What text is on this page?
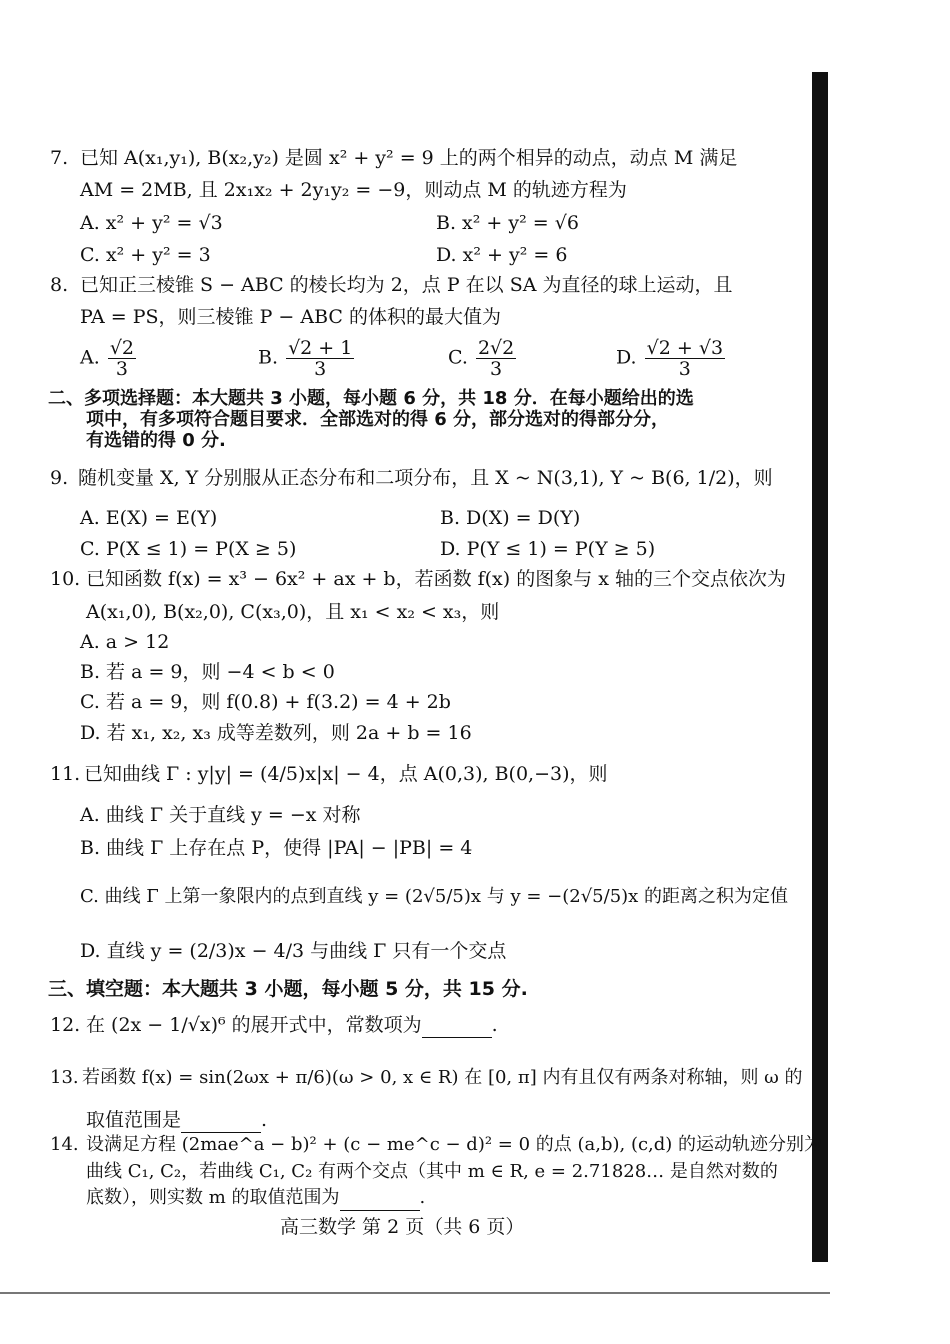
7. 已知 A(x₁,y₁), B(x₂,y₂) 是圆 x² + y² = 9 上的两个相异的动点，动点 M 满足
AM = 2MB, 且 2x₁x₂ + 2y₁y₂ = −9，则动点 M 的轨迹方程为
A. x² + y² = √3	B. x² + y² = √6
C. x² + y² = 3	D. x² + y² = 6
8. 已知正三棱锥 S − ABC 的棱长均为 2，点 P 在以 SA 为直径的球上运动，且
PA = PS，则三棱锥 P − ABC 的体积的最大值为
A. $\frac{√2}{3}$	B. $\frac{√2 + 1}{3}$	C. $\frac{2√2}{3}$	D. $\frac{√2 + √3}{3}$
二、多项选择题：本大题共 3 小题，每小题 6 分，共 18 分．在每小题给出的选
项中，有多项符合题目要求．全部选对的得 6 分，部分选对的得部分分，
有选错的得 0 分.
9. 随机变量 X, Y 分别服从正态分布和二项分布，且 X ~ N(3,1), Y ~ B(6, 1/2)，则
A. E(X) = E(Y)	B. D(X) = D(Y)
C. P(X ≤ 1) = P(X ≥ 5)	D. P(Y ≤ 1) = P(Y ≥ 5)
10. 已知函数 f(x) = x³ − 6x² + ax + b，若函数 f(x) 的图象与 x 轴的三个交点依次为
A(x₁,0), B(x₂,0), C(x₃,0)，且 x₁ < x₂ < x₃，则
A. a > 12
B. 若 a = 9，则 −4 < b < 0
C. 若 a = 9，则 f(0.8) + f(3.2) = 4 + 2b
D. 若 x₁, x₂, x₃ 成等差数列，则 2a + b = 16
11. 已知曲线 Γ : y|y| = (4/5)x|x| − 4，点 A(0,3), B(0,−3)，则
A. 曲线 Γ 关于直线 y = −x 对称
B. 曲线 Γ 上存在点 P，使得 |PA| − |PB| = 4
C. 曲线 Γ 上第一象限内的点到直线 y = (2√5/5)x 与 y = −(2√5/5)x 的距离之积为定值
D. 直线 y = (2/3)x − 4/3 与曲线 Γ 只有一个交点
三、填空题：本大题共 3 小题，每小题 5 分，共 15 分.
12. 在 (2x − 1/√x)⁶ 的展开式中，常数项为	.
13. 若函数 f(x) = sin(2ωx + π/6)(ω > 0, x ∈ R) 在 [0, π] 内有且仅有两条对称轴，则 ω 的
取值范围是	.
14. 设满足方程 (2mae^a − b)² + (c − me^c − d)² = 0 的点 (a,b), (c,d) 的运动轨迹分别为
曲线 C₁, C₂，若曲线 C₁, C₂ 有两个交点（其中 m ∈ R, e = 2.71828… 是自然对数的
底数），则实数 m 的取值范围为	.
高三数学 第 2 页（共 6 页）
